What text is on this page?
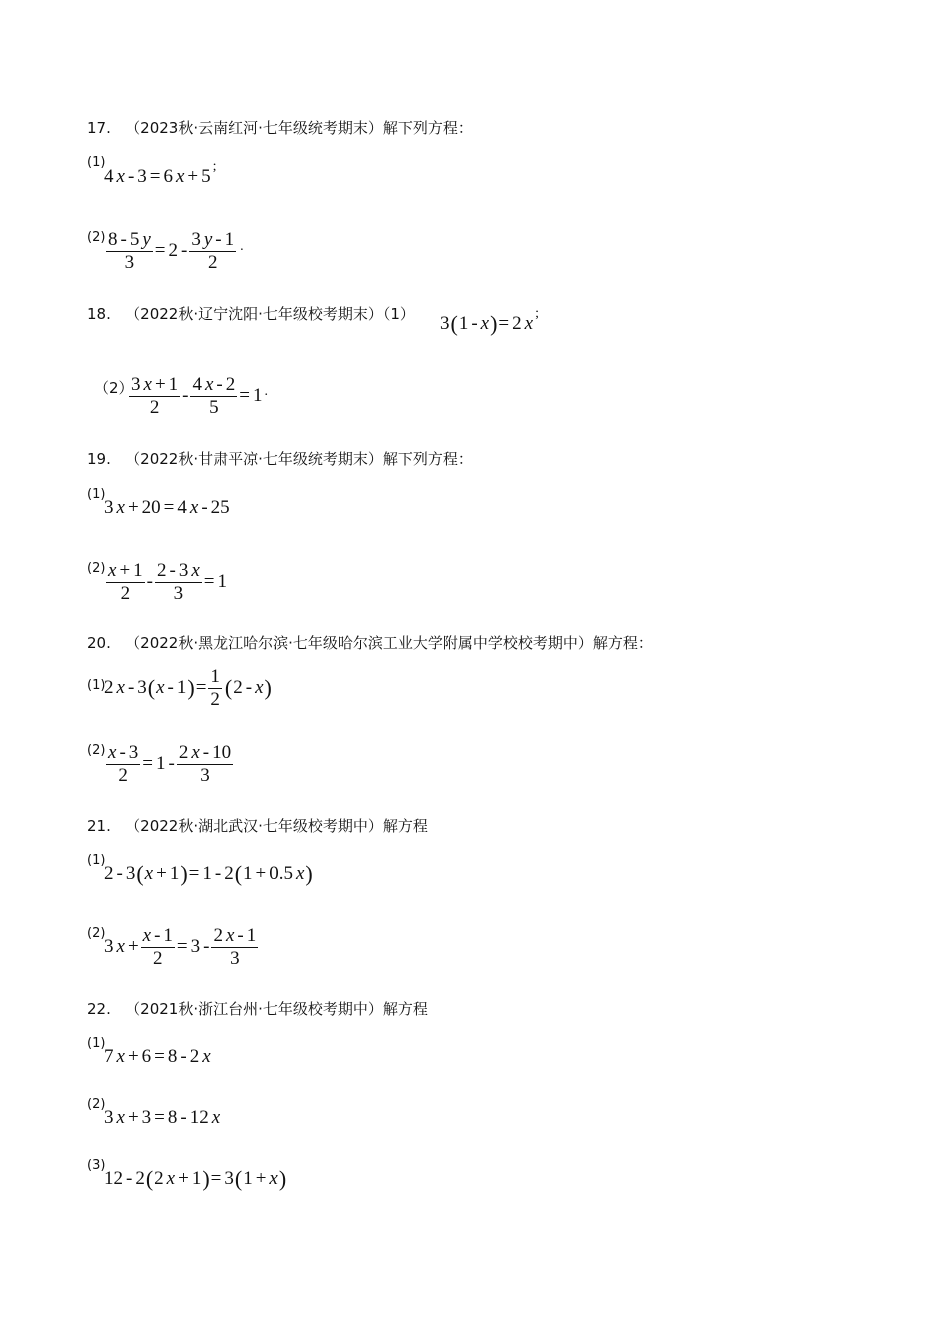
17. （2023秋·云南红河·七年级统考期末）解下列方程：
(1)
4 x - 3 = 6 x + 5 ;
$(2) \frac{8 - 5 y}{3} = 2 - \frac{3 y - 1}{2}$ .
18. （2022秋·辽宁沈阳·七年级校考期末）（1） 3 ( 1 - x ) = 2 x ;
（2）
$\frac{3 x + 1}{2} - \frac{4 x - 2}{5} = 1$ .
19. （2022秋·甘肃平凉·七年级统考期末）解下列方程：
(1)
3 x + 20 = 4 x - 25
$(2) \frac{x + 1}{2} - \frac{2 - 3 x}{3} = 1$
20. （2022秋·黑龙江哈尔滨·七年级哈尔滨工业大学附属中学校校考期中）解方程：
(1)
2 x - 3 ( x - 1 ) = $\frac{1}{2}$ ( 2 - x )
$(2) \frac{x - 3}{2} = 1 - \frac{2 x - 10}{3}$
21. （2022秋·湖北武汉·七年级校考期中）解方程
(1)
2 - 3 ( x + 1 ) = 1 - 2 ( 1 + 0.5 x )
(2)
3 $x + \frac{x - 1}{2} = 3 - \frac{2 x - 1}{3}$
22. （2021秋·浙江台州·七年级校考期中）解方程
(1)
7 x + 6 = 8 - 2 x
(2)
3 x + 3 = 8 - 12 x
(3)
12 - 2 ( 2 x + 1 ) = 3 ( 1 + x )
